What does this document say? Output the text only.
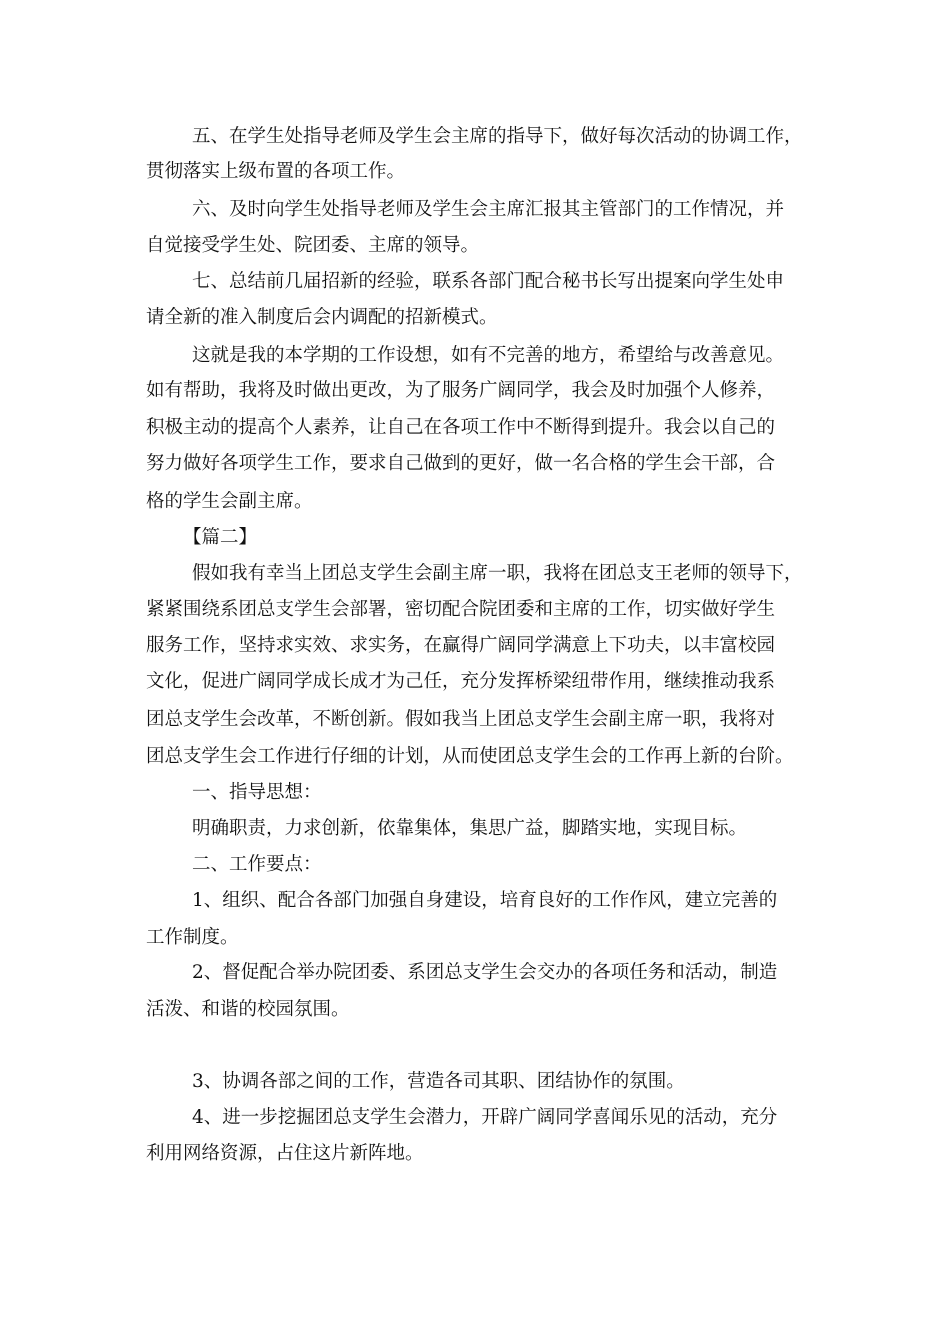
五、在学生处指导老师及学生会主席的指导下，做好每次活动的协调工作，
贯彻落实上级布置的各项工作。
六、及时向学生处指导老师及学生会主席汇报其主管部门的工作情况，并
自觉接受学生处、院团委、主席的领导。
七、总结前几届招新的经验，联系各部门配合秘书长写出提案向学生处申
请全新的准入制度后会内调配的招新模式。
这就是我的本学期的工作设想，如有不完善的地方，希望给与改善意见。
如有帮助，我将及时做出更改，为了服务广阔同学，我会及时加强个人修养，
积极主动的提高个人素养，让自己在各项工作中不断得到提升。我会以自己的
努力做好各项学生工作，要求自己做到的更好，做一名合格的学生会干部，合
格的学生会副主席。
【篇二】
假如我有幸当上团总支学生会副主席一职，我将在团总支王老师的领导下，
紧紧围绕系团总支学生会部署，密切配合院团委和主席的工作，切实做好学生
服务工作，坚持求实效、求实务，在赢得广阔同学满意上下功夫，以丰富校园
文化，促进广阔同学成长成才为己任，充分发挥桥梁纽带作用，继续推动我系
团总支学生会改革，不断创新。假如我当上团总支学生会副主席一职，我将对
团总支学生会工作进行仔细的计划，从而使团总支学生会的工作再上新的台阶。
一、指导思想：
明确职责，力求创新，依靠集体，集思广益，脚踏实地，实现目标。
二、工作要点：
1、组织、配合各部门加强自身建设，培育良好的工作作风，建立完善的
工作制度。
2、督促配合举办院团委、系团总支学生会交办的各项任务和活动，制造
活泼、和谐的校园氛围。
3、协调各部之间的工作，营造各司其职、团结协作的氛围。
4、进一步挖掘团总支学生会潜力，开辟广阔同学喜闻乐见的活动，充分
利用网络资源，占住这片新阵地。
